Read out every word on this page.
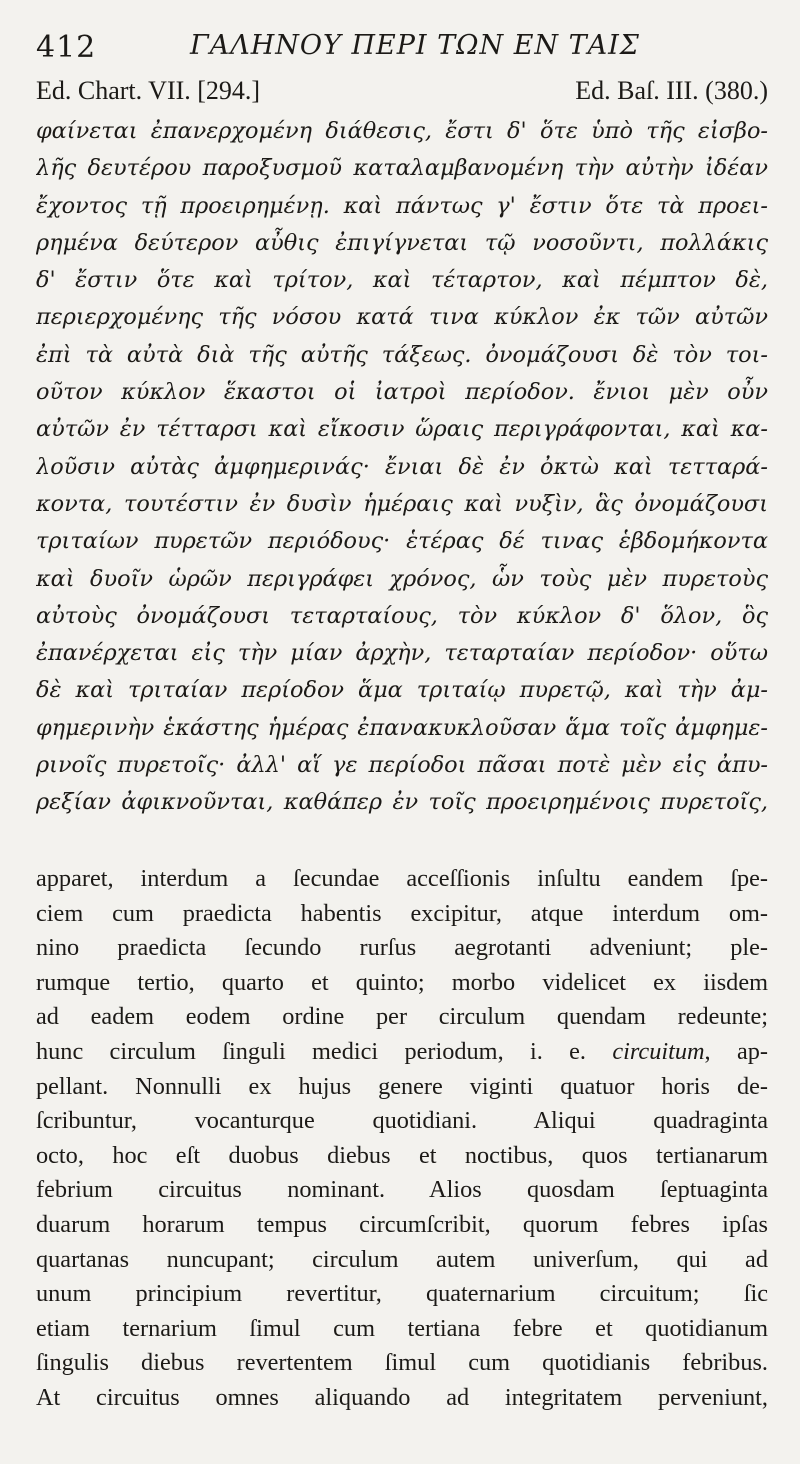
412	ΓΑΛΗΝΟΥ ΠΕΡΙ ΤΩΝ ΕΝ ΤΑΙΣ
Ed. Chart. VII. [294.]	Ed. Baſ. III. (380.)
φαίνεται ἐπανερχομένη διάθεσις, ἔστι δ' ὅτε ὑπὸ τῆς εἰσβο-
λῆς δευτέρου παροξυσμοῦ καταλαμβανομένη τὴν αὐτὴν ἰδέαν
ἔχοντος τῇ προειρημένῃ. καὶ πάντως γ' ἔστιν ὅτε τὰ προει-
ρημένα δεύτερον αὖθις ἐπιγίγνεται τῷ νοσοῦντι, πολλάκις
δ' ἔστιν ὅτε καὶ τρίτον, καὶ τέταρτον, καὶ πέμπτον δὲ,
περιερχομένης τῆς νόσου κατά τινα κύκλον ἐκ τῶν αὐτῶν
ἐπὶ τὰ αὐτὰ διὰ τῆς αὐτῆς τάξεως. ὀνομάζουσι δὲ τὸν τοι-
οῦτον κύκλον ἕκαστοι οἱ ἰατροὶ περίοδον. ἔνιοι μὲν οὖν
αὐτῶν ἐν τέτταρσι καὶ εἴκοσιν ὥραις περιγράφονται, καὶ κα-
λοῦσιν αὐτὰς ἀμφημερινάς· ἔνιαι δὲ ἐν ὀκτὼ καὶ τετταρά-
κοντα, τουτέστιν ἐν δυσὶν ἡμέραις καὶ νυξὶν, ἃς ὀνομάζουσι
τριταίων πυρετῶν περιόδους· ἑτέρας δέ τινας ἑβδομήκοντα
καὶ δυοῖν ὡρῶν περιγράφει χρόνος, ὧν τοὺς μὲν πυρετοὺς
αὐτοὺς ὀνομάζουσι τεταρταίους, τὸν κύκλον δ' ὅλον, ὃς
ἐπανέρχεται εἰς τὴν μίαν ἀρχὴν, τεταρταίαν περίοδον· οὕτω
δὲ καὶ τριταίαν περίοδον ἅμα τριταίῳ πυρετῷ, καὶ τὴν ἀμ-
φημερινὴν ἑκάστης ἡμέρας ἐπανακυκλοῦσαν ἅμα τοῖς ἀμφημε-
ρινοῖς πυρετοῖς· ἀλλ' αἵ γε περίοδοι πᾶσαι ποτὲ μὲν εἰς ἀπυ-
ρεξίαν ἀφικνοῦνται, καθάπερ ἐν τοῖς προειρημένοις πυρετοῖς,
apparet, interdum a ſecundae acceſſionis inſultu eandem ſpe-
ciem cum praedicta habentis excipitur, atque interdum om-
nino praedicta ſecundo rurſus aegrotanti adveniunt; ple-
rumque tertio, quarto et quinto; morbo videlicet ex iisdem
ad eadem eodem ordine per circulum quendam redeunte;
hunc circulum ſinguli medici periodum, i. e. circuitum, ap-
pellant. Nonnulli ex hujus genere viginti quatuor horis de-
ſcribuntur, vocanturque quotidiani. Aliqui quadraginta
octo, hoc eſt duobus diebus et noctibus, quos tertianarum
febrium circuitus nominant. Alios quosdam ſeptuaginta
duarum horarum tempus circumſcribit, quorum febres ipſas
quartanas nuncupant; circulum autem univerſum, qui ad
unum principium revertitur, quaternarium circuitum; ſic
etiam ternarium ſimul cum tertiana febre et quotidianum
ſingulis diebus revertentem ſimul cum quotidianis febribus.
At circuitus omnes aliquando ad integritatem perveniunt,
